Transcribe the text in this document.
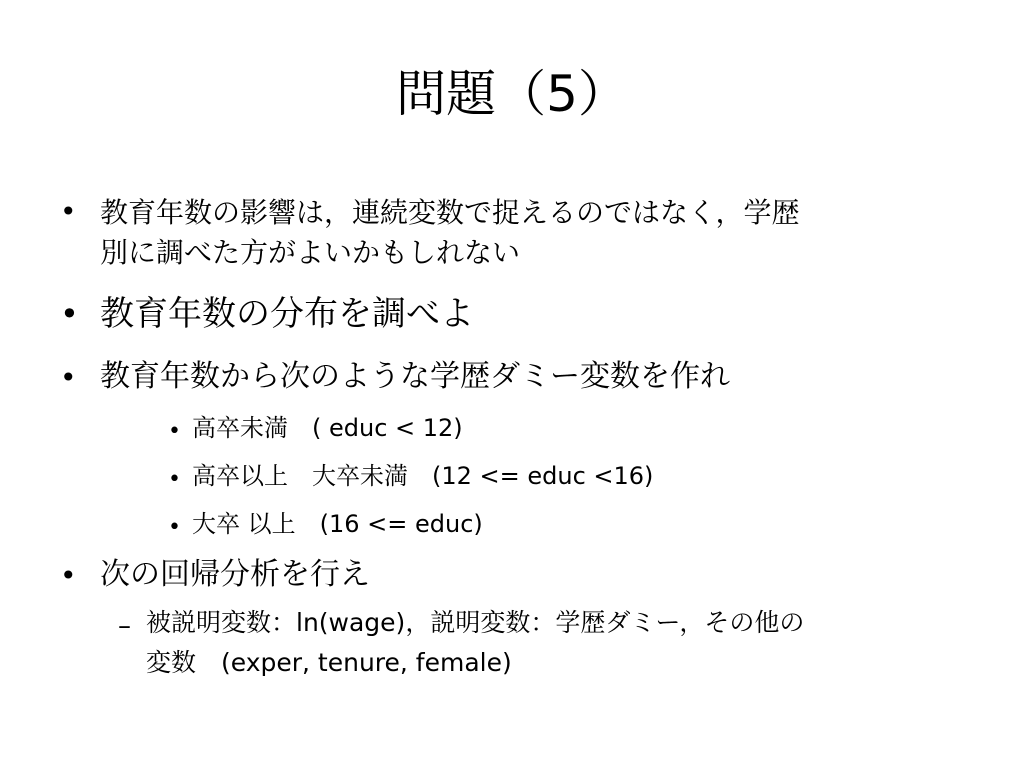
問題（5）
• 教育年数の影響は，連続変数で捉えるのではなく，学歴
別に調べた方がよいかもしれない
• 教育年数の分布を調べよ
• 教育年数から次のような学歴ダミー変数を作れ
• 高卒未満　( educ < 12)
• 高卒以上　大卒未満　(12 <= educ <16)
• 大卒 以上　(16 <= educ)
• 次の回帰分析を行え
– 被説明変数：ln(wage)，説明変数：学歴ダミー，その他の
変数　(exper, tenure, female)
